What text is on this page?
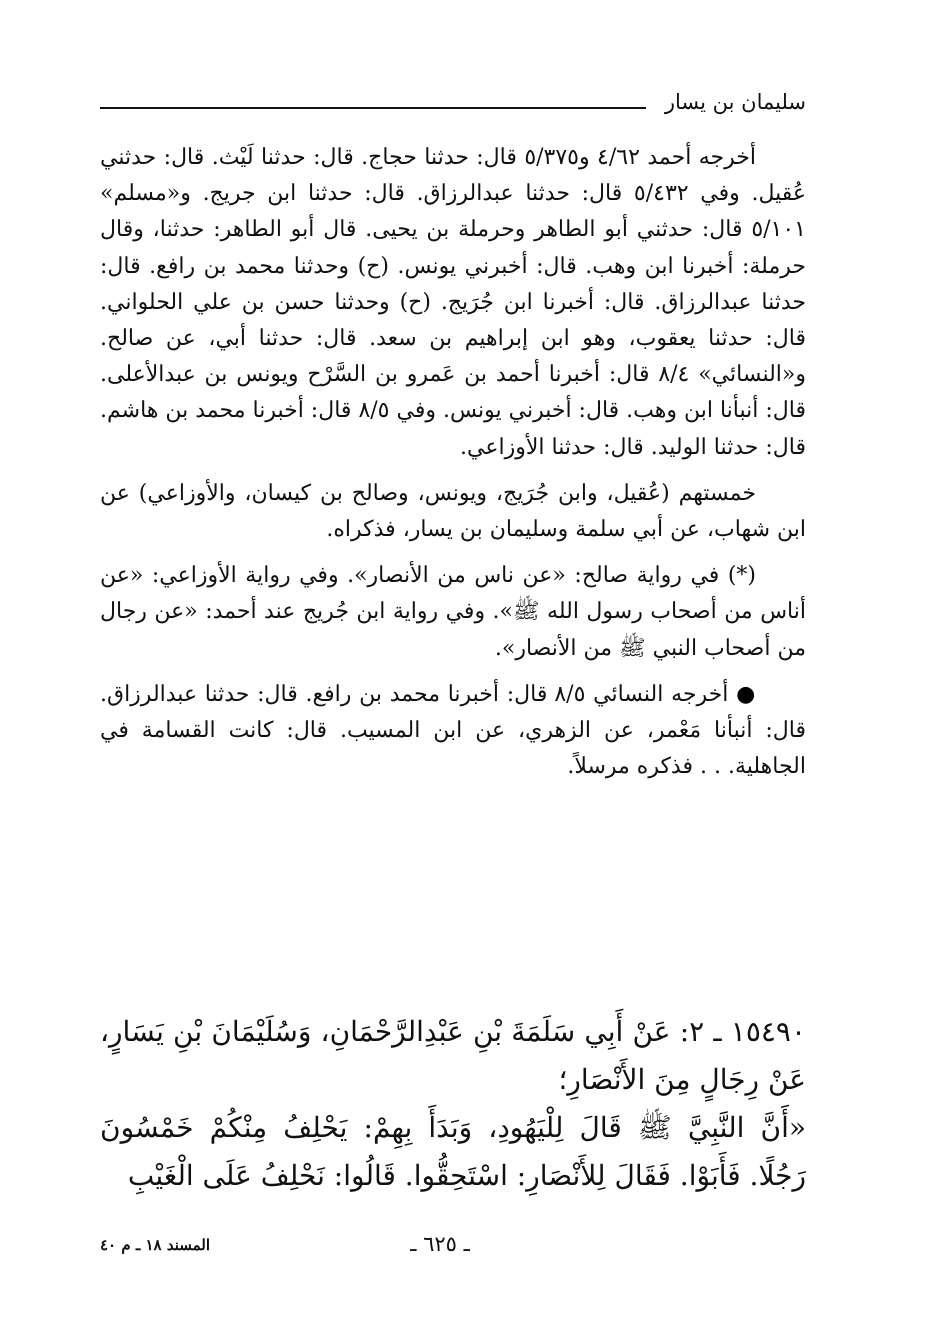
سليمان بن يسار

أخرجه أحمد ٤/٦٢ و٥/٣٧٥ قال: حدثنا حجاج. قال: حدثنا لَيْث. قال: حدثني عُقيل. وفي ٥/٤٣٢ قال: حدثنا عبدالرزاق. قال: حدثنا ابن جريج. و«مسلم» ٥/١٠١ قال: حدثني أبو الطاهر وحرملة بن يحيى. قال أبو الطاهر: حدثنا، وقال حرملة: أخبرنا ابن وهب. قال: أخبرني يونس. (ح) وحدثنا محمد بن رافع. قال: حدثنا عبدالرزاق. قال: أخبرنا ابن جُرَيج. (ح) وحدثنا حسن بن علي الحلواني. قال: حدثنا يعقوب، وهو ابن إبراهيم بن سعد. قال: حدثنا أبي، عن صالح. و«النسائي» ٨/٤ قال: أخبرنا أحمد بن عَمرو بن السَّرْح ويونس بن عبدالأعلى. قال: أنبأنا ابن وهب. قال: أخبرني يونس. وفي ٨/٥ قال: أخبرنا محمد بن هاشم. قال: حدثنا الوليد. قال: حدثنا الأوزاعي.

خمستهم (عُقيل، وابن جُرَيج، ويونس، وصالح بن كيسان، والأوزاعي) عن ابن شهاب، عن أبي سلمة وسليمان بن يسار، فذكراه.

(*) في رواية صالح: «عن ناس من الأنصار». وفي رواية الأوزاعي: «عن أناس من أصحاب رسول الله ﷺ». وفي رواية ابن جُريج عند أحمد: «عن رجال من أصحاب النبي ﷺ من الأنصار».

● أخرجه النسائي ٨/٥ قال: أخبرنا محمد بن رافع. قال: حدثنا عبدالرزاق. قال: أنبأنا مَعْمر، عن الزهري، عن ابن المسيب. قال: كانت القسامة في الجاهلية. . . فذكره مرسلاً.

١٥٤٩٠ ـ ٢: عَنْ أَبِي سَلَمَةَ بْنِ عَبْدِالرَّحْمَانِ، وَسُلَيْمَانَ بْنِ يَسَارٍ، عَنْ رِجَالٍ مِنَ الأَنْصَارِ؛

«أَنَّ النَّبِيَّ ﷺ قَالَ لِلْيَهُودِ، وَبَدَأَ بِهِمْ: يَحْلِفُ مِنْكُمْ خَمْسُونَ رَجُلًا. فَأَبَوْا. فَقَالَ لِلأَنْصَارِ: اسْتَحِقُّوا. قَالُوا: نَحْلِفُ عَلَى الْغَيْبِ

ـ ٦٢٥ ـ
المسند ١٨ ـ م ٤٠
